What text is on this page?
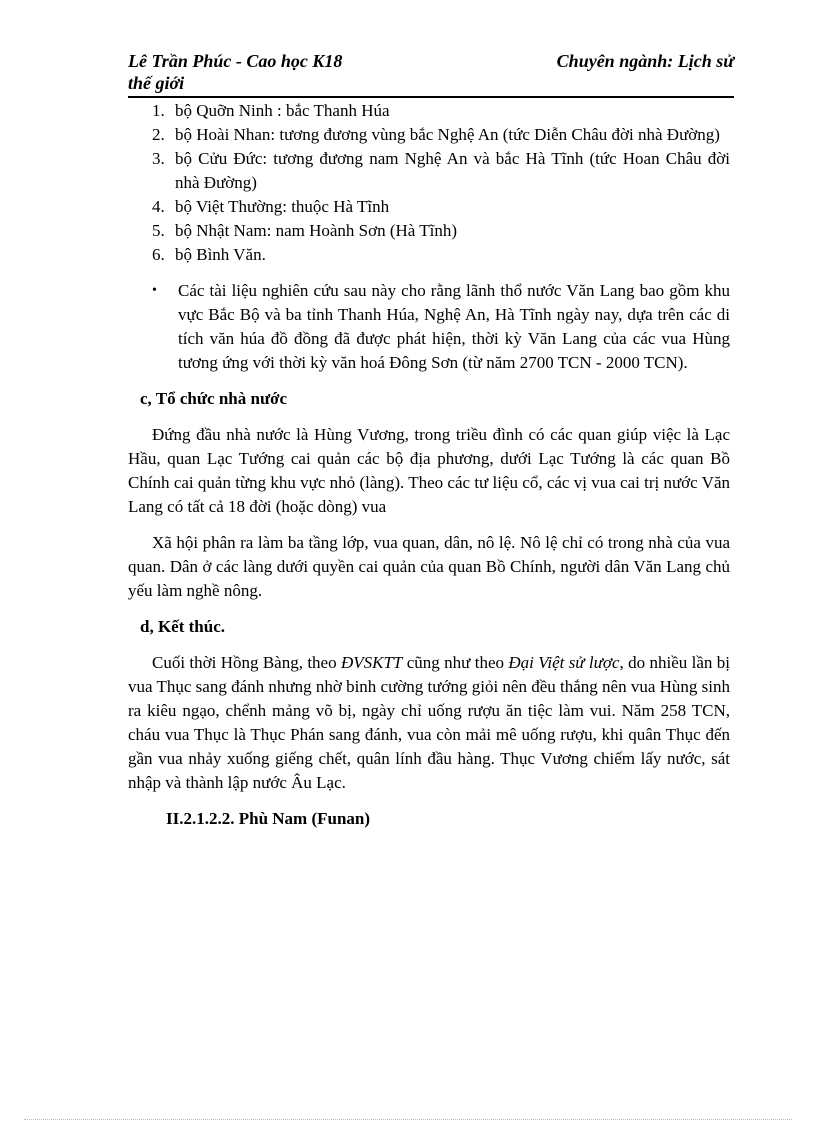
Lê Trần Phúc - Cao học K18	Chuyên ngành: Lịch sử
thế giới
1. bộ Quỡn Ninh : bắc Thanh Húa
2. bộ Hoài Nhan: tương đương vùng bắc Nghệ An (tức Diễn Châu đời nhà Đường)
3. bộ Cửu Đức: tương đương nam Nghệ An và bắc Hà Tĩnh (tức Hoan Châu đời nhà Đường)
4. bộ Việt Thường: thuộc Hà Tĩnh
5. bộ Nhật Nam: nam Hoành Sơn (Hà Tĩnh)
6. bộ Bình Văn.
• Các tài liệu nghiên cứu sau này cho rằng lãnh thổ nước Văn Lang bao gồm khu vực Bắc Bộ và ba tỉnh Thanh Húa, Nghệ An, Hà Tĩnh ngày nay, dựa trên các di tích văn húa đồ đồng đã được phát hiện, thời kỳ Văn Lang của các vua Hùng tương ứng với thời kỳ văn hoá Đông Sơn (từ năm 2700 TCN - 2000 TCN).
c, Tổ chức nhà nước
Đứng đầu nhà nước là Hùng Vương, trong triều đình có các quan giúp việc là Lạc Hầu, quan Lạc Tướng cai quản các bộ địa phương, dưới Lạc Tướng là các quan Bồ Chính cai quản từng khu vực nhỏ (làng). Theo các tư liệu cổ, các vị vua cai trị nước Văn Lang có tất cả 18 đời (hoặc dòng) vua
Xã hội phân ra làm ba tầng lớp, vua quan, dân, nô lệ. Nô lệ chỉ có trong nhà của vua quan. Dân ở các làng dưới quyền cai quản của quan Bồ Chính, người dân Văn Lang chủ yếu làm nghề nông.
d, Kết thúc.
Cuối thời Hồng Bàng, theo ĐVSKTT cũng như theo Đại Việt sử lược, do nhiều lần bị vua Thục sang đánh nhưng nhờ binh cường tướng giỏi nên đều thắng nên vua Hùng sinh ra kiêu ngạo, chểnh mảng võ bị, ngày chỉ uống rượu ăn tiệc làm vui. Năm 258 TCN, cháu vua Thục là Thục Phán sang đánh, vua còn mải mê uống rượu, khi quân Thục đến gần vua nhảy xuống giếng chết, quân lính đầu hàng. Thục Vương chiếm lấy nước, sát nhập và thành lập nước Âu Lạc.
II.2.1.2.2. Phù Nam (Funan)
